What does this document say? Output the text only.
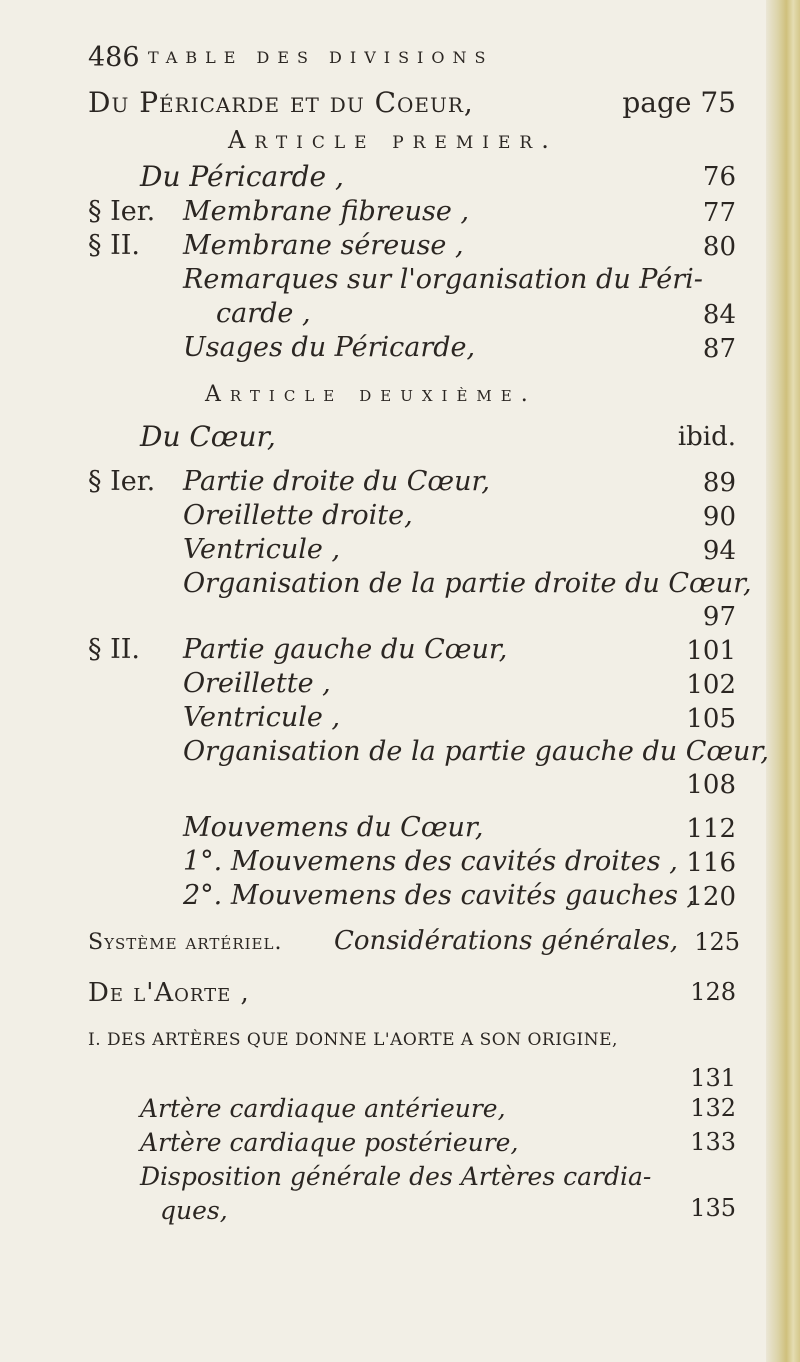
486 TABLE DES DIVISIONS
Du Péricarde et du Coeur,	page 75
Article premier.
Du Péricarde ,	76
§ Ier. Membrane fibreuse ,	77
§ II. Membrane séreuse ,	80
Remarques sur l'organisation du Péri-
carde ,	84
Usages du Péricarde,	87
Article deuxième.
Du Cœur,	ibid.
§ Ier. Partie droite du Cœur,	89
Oreillette droite,	90
Ventricule ,	94
Organisation de la partie droite du Cœur,
97
§ II. Partie gauche du Cœur,	101
Oreillette ,	102
Ventricule ,	105
Organisation de la partie gauche du Cœur,
108
Mouvemens du Cœur,	112
1°. Mouvemens des cavités droites , 116
2°. Mouvemens des cavités gauches ,
120
Système artériel. Considérations générales, 125
De l'Aorte ,	128
I. DES ARTÈRES QUE DONNE L'AORTE A SON ORIGINE,
131
Artère cardiaque antérieure,	132
Artère cardiaque postérieure,	133
Disposition générale des Artères cardia-
ques,	135
